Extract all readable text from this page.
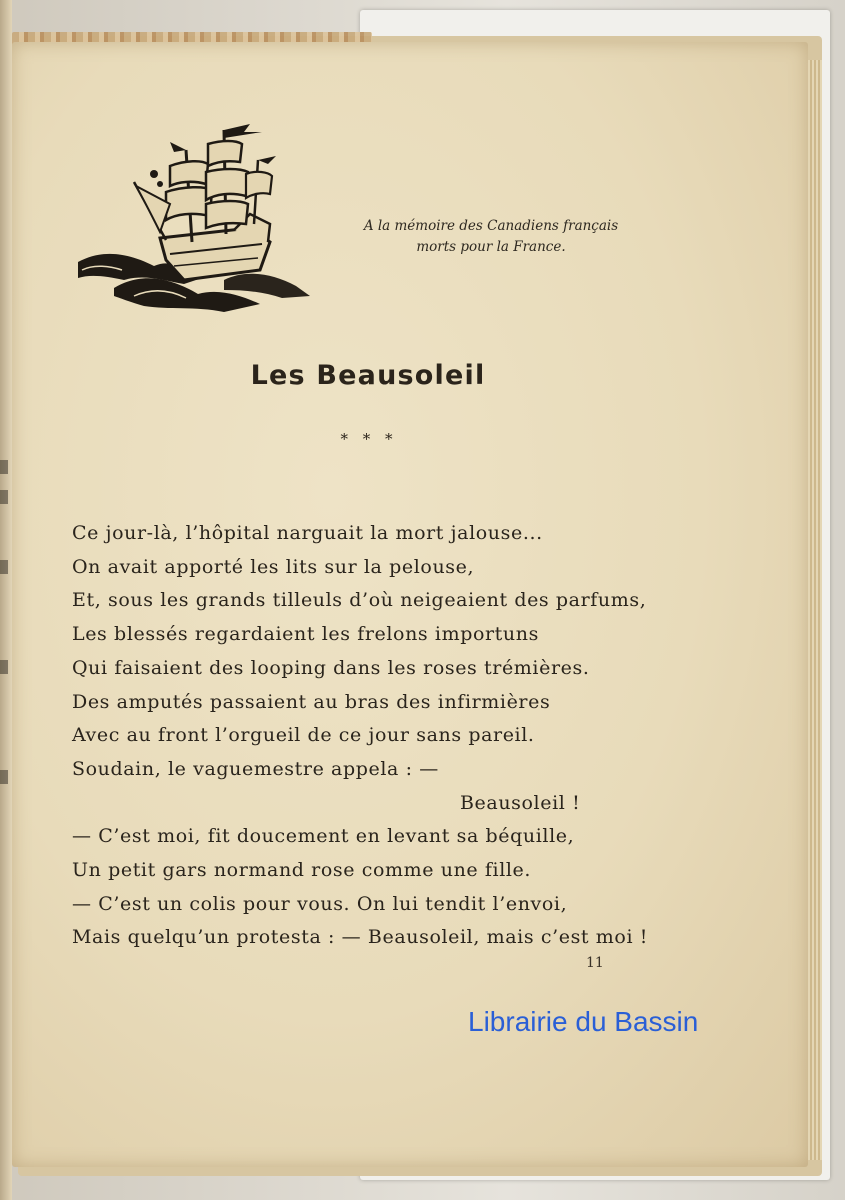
A la mémoire des Canadiens français
morts pour la France.
Les Beausoleil
* * *
Ce jour-là, l’hôpital narguait la mort jalouse...
On avait apporté les lits sur la pelouse,
Et, sous les grands tilleuls d’où neigeaient des parfums,
Les blessés regardaient les frelons importuns
Qui faisaient des looping dans les roses trémières.
Des amputés passaient au bras des infirmières
Avec au front l’orgueil de ce jour sans pareil.
Soudain, le vaguemestre appela : —
Beausoleil !
— C’est moi, fit doucement en levant sa béquille,
Un petit gars normand rose comme une fille.
— C’est un colis pour vous. On lui tendit l’envoi,
Mais quelqu’un protesta : — Beausoleil, mais c’est moi !
11
Librairie du Bassin
